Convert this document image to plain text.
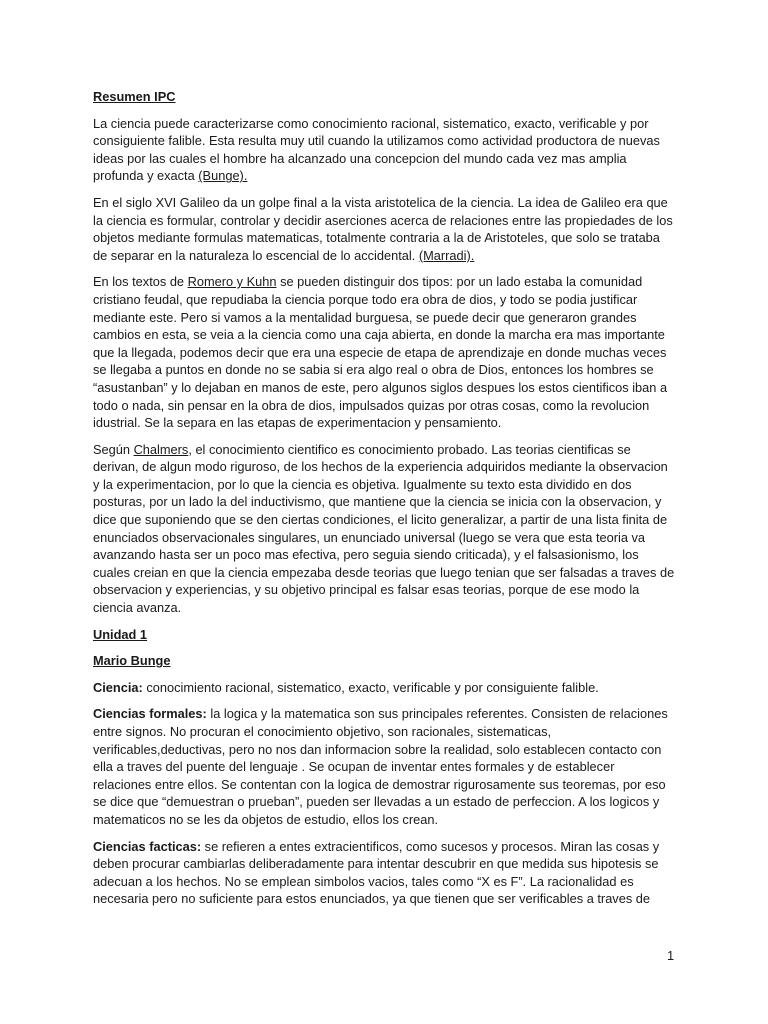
Resumen IPC

La ciencia puede caracterizarse como conocimiento racional, sistematico, exacto, verificable y por consiguiente falible. Esta resulta muy util cuando la utilizamos como actividad productora de nuevas ideas por las cuales el hombre ha alcanzado una concepcion del mundo cada vez mas amplia profunda y exacta (Bunge).

En el siglo XVI Galileo da un golpe final a la vista aristotelica de la ciencia. La idea de Galileo era que la ciencia es formular, controlar y decidir aserciones acerca de relaciones entre las propiedades de los objetos mediante formulas matematicas, totalmente contraria a la de Aristoteles, que solo se trataba de separar en la naturaleza lo escencial de lo accidental. (Marradi).

En los textos de Romero y Kuhn se pueden distinguir dos tipos: por un lado estaba la comunidad cristiano feudal, que repudiaba la ciencia porque todo era obra de dios, y todo se podia justificar mediante este. Pero si vamos a la mentalidad burguesa, se puede decir que generaron grandes cambios en esta, se veia a la ciencia como una caja abierta, en donde la marcha era mas importante que la llegada, podemos decir que era una especie de etapa de aprendizaje en donde muchas veces se llegaba a puntos en donde no se sabia si era algo real o obra de Dios, entonces los hombres se “asustanban” y lo dejaban en manos de este, pero algunos siglos despues los estos cientificos iban a todo o nada, sin pensar en la obra de dios, impulsados quizas por otras cosas, como la revolucion idustrial. Se la separa en las etapas de experimentacion y pensamiento.

Según Chalmers, el conocimiento cientifico es conocimiento probado. Las teorias cientificas se derivan, de algun modo riguroso, de los hechos de la experiencia adquiridos mediante la observacion y la experimentacion, por lo que la ciencia es objetiva. Igualmente su texto esta dividido en dos posturas, por un lado la del inductivismo, que mantiene que la ciencia se inicia con la observacion, y dice que suponiendo que se den ciertas condiciones, el licito generalizar, a partir de una lista finita de enunciados observacionales singulares, un enunciado universal (luego se vera que esta teoria va avanzando hasta ser un poco mas efectiva, pero seguia siendo criticada), y el falsasionismo, los cuales creian en que la ciencia empezaba desde teorias que luego tenian que ser falsadas a traves de observacion y experiencias, y su objetivo principal es falsar esas teorias, porque de ese modo la ciencia avanza.

Unidad 1

Mario Bunge

Ciencia: conocimiento racional, sistematico, exacto, verificable y por consiguiente falible.

Ciencias formales: la logica y la matematica son sus principales referentes. Consisten de relaciones entre signos. No procuran el conocimiento objetivo, son racionales, sistematicas, verificables,deductivas, pero no nos dan informacion sobre la realidad, solo establecen contacto con ella a traves del puente del lenguaje . Se ocupan de inventar entes formales y de establecer relaciones entre ellos. Se contentan con la logica de demostrar rigurosamente sus teoremas, por eso se dice que “demuestran o prueban”, pueden ser llevadas a un estado de perfeccion. A los logicos y matematicos no se les da objetos de estudio, ellos los crean.

Ciencias facticas: se refieren a entes extracientificos, como sucesos y procesos. Miran las cosas y deben procurar cambiarlas deliberadamente para intentar descubrir en que medida sus hipotesis se adecuan a los hechos. No se emplean simbolos vacios, tales como “X es F”. La racionalidad es necesaria pero no suficiente para estos enunciados, ya que tienen que ser verificables a traves de

1
